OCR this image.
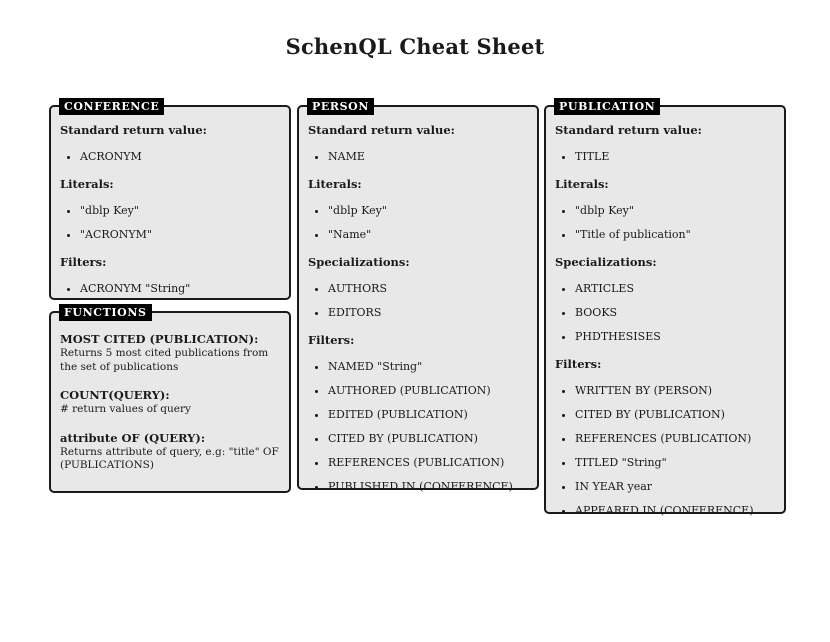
SchenQL Cheat Sheet
CONFERENCE
Standard return value:
• ACRONYM
Literals:
• "dblp Key"
• "ACRONYM"
Filters:
• ACRONYM "String"
FUNCTIONS
MOST CITED (PUBLICATION):
Returns 5 most cited publications from the set of publications
COUNT(QUERY):
# return values of query
attribute OF (QUERY):
Returns attribute of query, e.g: "title" OF (PUBLICATIONS)
PERSON
Standard return value:
• NAME
Literals:
• "dblp Key"
• "Name"
Specializations:
• AUTHORS
• EDITORS
Filters:
• NAMED "String"
• AUTHORED (PUBLICATION)
• EDITED (PUBLICATION)
• CITED BY (PUBLICATION)
• REFERENCES (PUBLICATION)
• PUBLISHED IN (CONFERENCE)
PUBLICATION
Standard return value:
• TITLE
Literals:
• "dblp Key"
• "Title of publication"
Specializations:
• ARTICLES
• BOOKS
• PHDTHESISES
Filters:
• WRITTEN BY (PERSON)
• CITED BY (PUBLICATION)
• REFERENCES (PUBLICATION)
• TITLED "String"
• IN YEAR year
• APPEARED IN (CONFERENCE)
